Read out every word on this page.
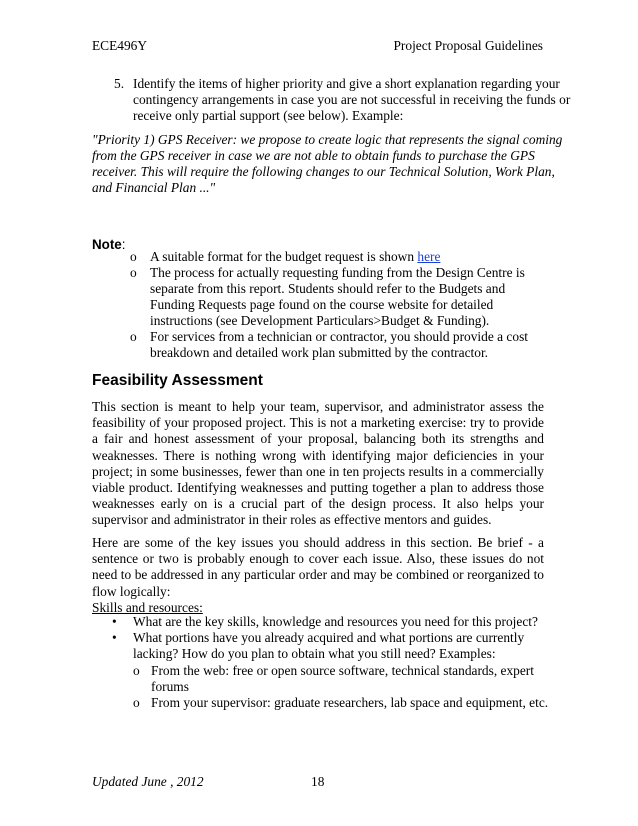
ECE496Y	Project Proposal Guidelines
5. Identify the items of higher priority and give a short explanation regarding your
contingency arrangements in case you are not successful in receiving the funds or
receive only partial support (see below). Example:
"Priority 1) GPS Receiver: we propose to create logic that represents the signal coming
from the GPS receiver in case we are not able to obtain funds to purchase the GPS
receiver. This will require the following changes to our Technical Solution, Work Plan,
and Financial Plan ..."
Note:
o A suitable format for the budget request is shown here
o The process for actually requesting funding from the Design Centre is separate from this report. Students should refer to the Budgets and Funding Requests page found on the course website for detailed instructions (see Development Particulars>Budget & Funding).
o For services from a technician or contractor, you should provide a cost breakdown and detailed work plan submitted by the contractor.
Feasibility Assessment
This section is meant to help your team, supervisor, and administrator assess the feasibility of your proposed project. This is not a marketing exercise: try to provide a fair and honest assessment of your proposal, balancing both its strengths and weaknesses. There is nothing wrong with identifying major deficiencies in your project; in some businesses, fewer than one in ten projects results in a commercially viable product. Identifying weaknesses and putting together a plan to address those weaknesses early on is a crucial part of the design process. It also helps your supervisor and administrator in their roles as effective mentors and guides.
Here are some of the key issues you should address in this section. Be brief - a sentence or two is probably enough to cover each issue. Also, these issues do not need to be addressed in any particular order and may be combined or reorganized to flow logically:
Skills and resources:
• What are the key skills, knowledge and resources you need for this project?
• What portions have you already acquired and what portions are currently lacking? How do you plan to obtain what you still need? Examples:
o From the web: free or open source software, technical standards, expert forums
o From your supervisor: graduate researchers, lab space and equipment, etc.
Updated June , 2012	18
